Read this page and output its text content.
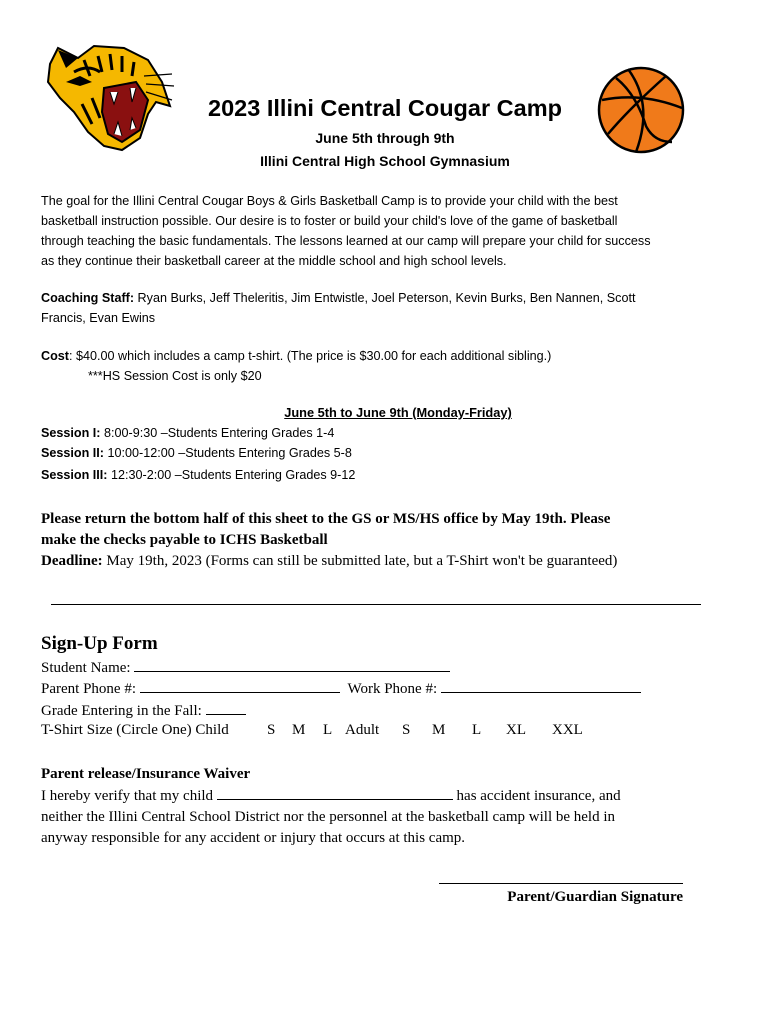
2023 Illini Central Cougar Camp
June 5th through 9th
Illini Central High School Gymnasium
The goal for the Illini Central Cougar Boys & Girls Basketball Camp is to provide your child with the best
basketball instruction possible. Our desire is to foster or build your child's love of the game of basketball
through teaching the basic fundamentals. The lessons learned at our camp will prepare your child for success
as they continue their basketball career at the middle school and high school levels.
Coaching Staff: Ryan Burks, Jeff Theleritis, Jim Entwistle, Joel Peterson, Kevin Burks, Ben Nannen, Scott
Francis, Evan Ewins
Cost: $40.00 which includes a camp t-shirt. (The price is $30.00 for each additional sibling.)
***HS Session Cost is only $20
June 5th to June 9th (Monday-Friday)
Session I: 8:00-9:30 –Students Entering Grades 1-4
Session II: 10:00-12:00 –Students Entering Grades 5-8
Session III: 12:30-2:00 –Students Entering Grades 9-12
Please return the bottom half of this sheet to the GS or MS/HS office by May 19th. Please
make the checks payable to ICHS Basketball
Deadline: May 19th, 2023 (Forms can still be submitted late, but a T-Shirt won't be guaranteed)
Sign-Up Form
Student Name:
Parent Phone #:	Work Phone #:
Grade Entering in the Fall:
T-Shirt Size (Circle One) Child	S M L Adult S M L XL XXL
Parent release/Insurance Waiver
I hereby verify that my child	has accident insurance, and
neither the Illini Central School District nor the personnel at the basketball camp will be held in
anyway responsible for any accident or injury that occurs at this camp.
Parent/Guardian Signature
